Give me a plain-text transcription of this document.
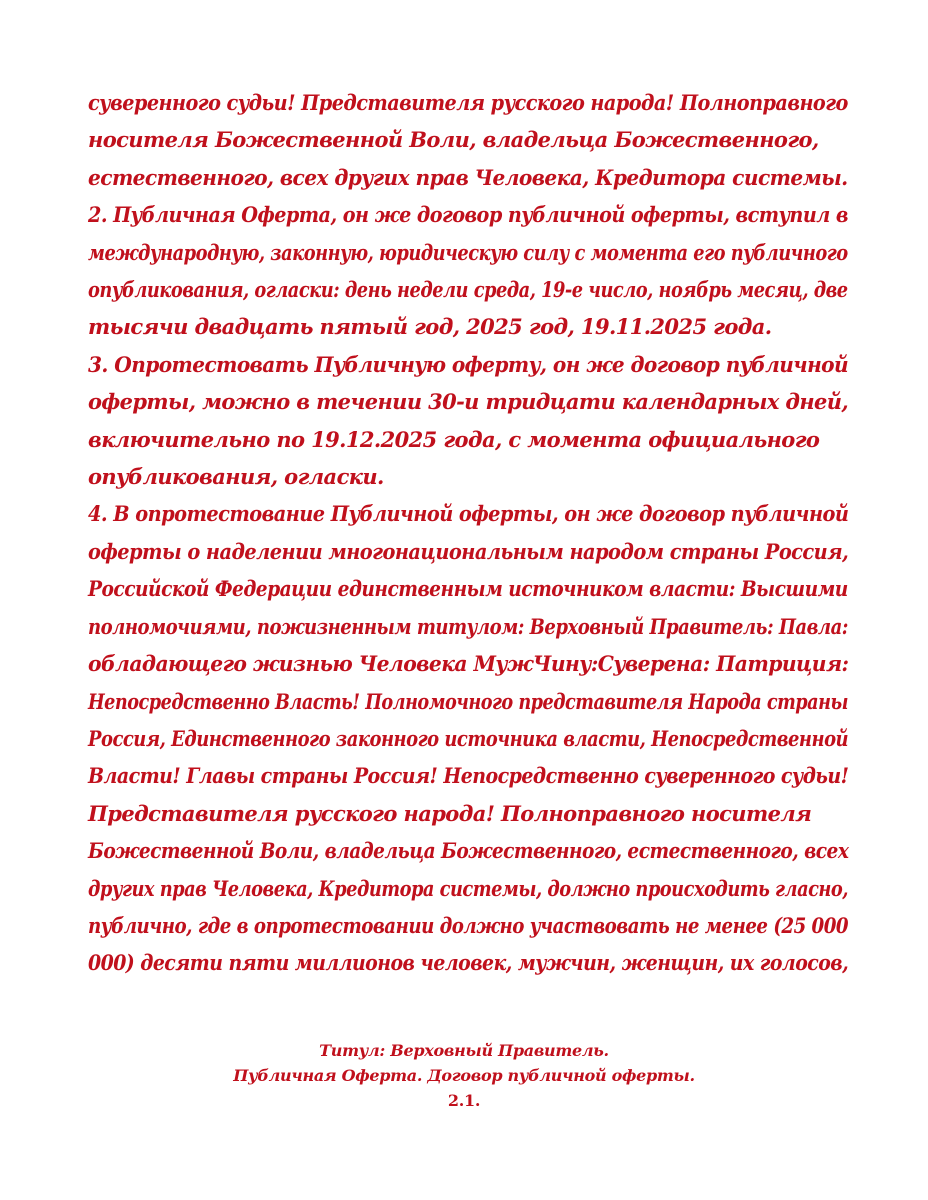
суверенного судьи! Представителя русского народа! Полноправного
носителя Божественной Воли, владельца Божественного,
естественного, всех других прав Человека, Кредитора системы.
2. Публичная Оферта, он же договор публичной оферты, вступил в
международную, законную, юридическую силу с момента его публичного
опубликования, огласки: день недели среда, 19-е число, ноябрь месяц, две
тысячи двадцать пятый год, 2025 год, 19.11.2025 года.
3. Опротестовать Публичную оферту, он же договор публичной
оферты, можно в течении 30-и тридцати календарных дней,
включительно по 19.12.2025 года, с момента официального
опубликования, огласки.
4. В опротестование Публичной оферты, он же договор публичной
оферты о наделении многонациональным народом страны Россия,
Российской Федерации единственным источником власти: Высшими
полномочиями, пожизненным титулом: Верховный Правитель: Павла:
обладающего жизнью Человека МужЧину:Суверена: Патриция:
Непосредственно Власть! Полномочного представителя Народа страны
Россия, Единственного законного источника власти, Непосредственной
Власти! Главы страны Россия! Непосредственно суверенного судьи!
Представителя русского народа! Полноправного носителя
Божественной Воли, владельца Божественного, естественного, всех
других прав Человека, Кредитора системы, должно происходить гласно,
публично, где в опротестовании должно участвовать не менее (25 000
000) десяти пяти миллионов человек, мужчин, женщин, их голосов,
Титул: Верховный Правитель.
Публичная Оферта. Договор публичной оферты.
2.1.
